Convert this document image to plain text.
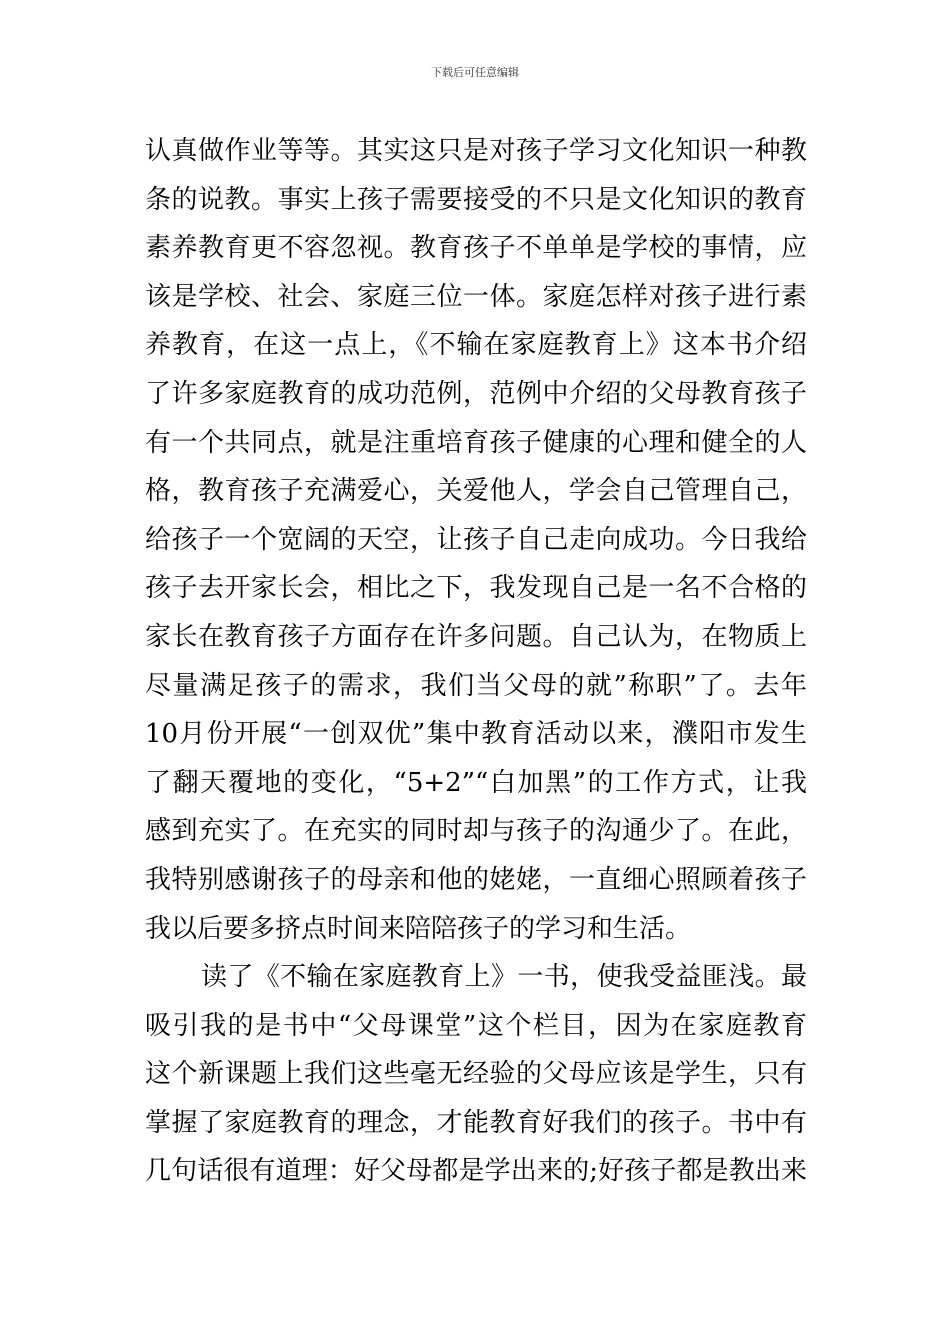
下载后可任意编辑
认真做作业等等。其实这只是对孩子学习文化知识一种教
条的说教。事实上孩子需要接受的不只是文化知识的教育
素养教育更不容忽视。教育孩子不单单是学校的事情，应
该是学校、社会、家庭三位一体。家庭怎样对孩子进行素
养教育，在这一点上，《不输在家庭教育上》这本书介绍
了许多家庭教育的成功范例，范例中介绍的父母教育孩子
有一个共同点，就是注重培育孩子健康的心理和健全的人
格，教育孩子充满爱心，关爱他人，学会自己管理自己，
给孩子一个宽阔的天空，让孩子自己走向成功。今日我给
孩子去开家长会，相比之下，我发现自己是一名不合格的
家长在教育孩子方面存在许多问题。自己认为，在物质上
尽量满足孩子的需求，我们当父母的就”称职”了。去年
10月份开展“一创双优”集中教育活动以来，濮阳市发生
了翻天覆地的变化，“5+2”“白加黑”的工作方式，让我
感到充实了。在充实的同时却与孩子的沟通少了。在此，
我特别感谢孩子的母亲和他的姥姥，一直细心照顾着孩子
我以后要多挤点时间来陪陪孩子的学习和生活。
读了《不输在家庭教育上》一书，使我受益匪浅。最
吸引我的是书中“父母课堂”这个栏目，因为在家庭教育
这个新课题上我们这些毫无经验的父母应该是学生，只有
掌握了家庭教育的理念，才能教育好我们的孩子。书中有
几句话很有道理：好父母都是学出来的;好孩子都是教出来
